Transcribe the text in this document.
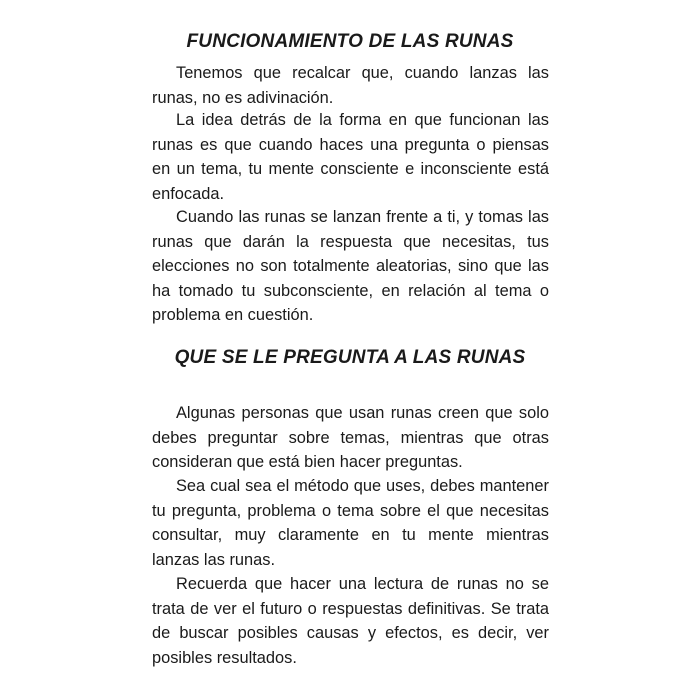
FUNCIONAMIENTO DE LAS RUNAS

Tenemos que recalcar que, cuando lanzas las runas, no es adivinación.

La idea detrás de la forma en que funcionan las runas es que cuando haces una pregunta o piensas en un tema, tu mente consciente e inconsciente está enfocada.

Cuando las runas se lanzan frente a ti, y tomas las runas que darán la respuesta que necesitas, tus elecciones no son totalmente aleatorias, sino que las ha tomado tu subconsciente, en relación al tema o problema en cuestión.

QUE SE LE PREGUNTA A LAS RUNAS

Algunas personas que usan runas creen que solo debes preguntar sobre temas, mientras que otras consideran que está bien hacer preguntas.

Sea cual sea el método que uses, debes mantener tu pregunta, problema o tema sobre el que necesitas consultar, muy claramente en tu mente mientras lanzas las runas.

Recuerda que hacer una lectura de runas no se trata de ver el futuro o respuestas definitivas. Se trata de buscar posibles causas y efectos, es decir, ver posibles resultados.
